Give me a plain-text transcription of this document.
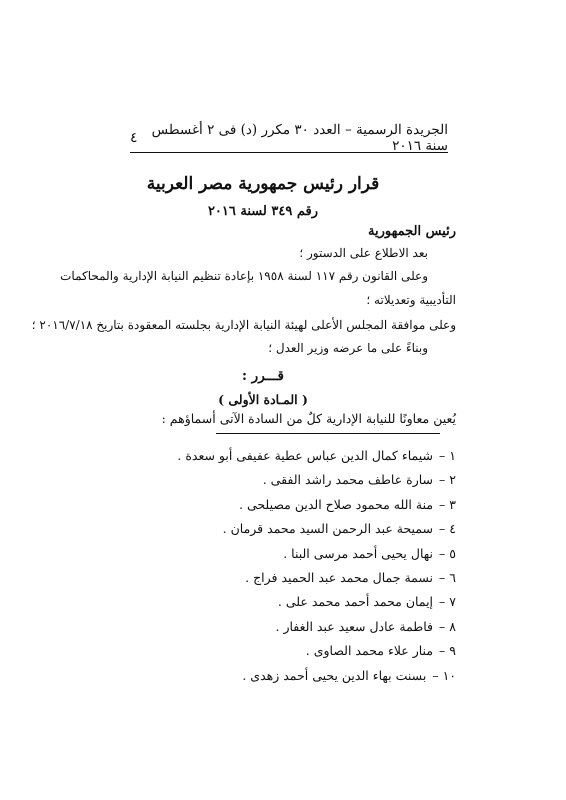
٤	الجريدة الرسمية – العدد ٣٠ مكرر (د) فى ٢ أغسطس سنة ٢٠١٦
قرار رئيس جمهورية مصر العربية
رقم ٣٤٩ لسنة ٢٠١٦
رئيس الجمهورية
بعد الاطلاع على الدستور ؛
وعلى القانون رقم ١١٧ لسنة ١٩٥٨ بإعادة تنظيم النيابة الإدارية والمحاكمات
التأديبية وتعديلاته ؛
وعلى موافقة المجلس الأعلى لهيئة النيابة الإدارية بجلسته المعقودة بتاريخ ٢٠١٦/٧/١٨ ؛
وبناءً على ما عرضه وزير العدل ؛
قـــرر :
( المـادة الأولى )
يُعين معاونًا للنيابة الإدارية كلٌ من السادة الآتى أسماؤهم :
١
–
شيماء كمال الدين عباس عطية عفيفى أبو سعدة .
٢
–
سارة عاطف محمد راشد الفقى .
٣
–
منة الله محمود صلاح الدين مصيلحى .
٤
–
سميحة عبد الرحمن السيد محمد قرمان .
٥
–
نهال يحيى أحمد مرسى البنا .
٦
–
نسمة جمال محمد عبد الحميد فراج .
٧
–
إيمان محمد أحمد محمد على .
٨
–
فاطمة عادل سعيد عبد الغفار .
٩
–
منار علاء محمد الصاوى .
١٠
–
بسنت بهاء الدين يحيى أحمد زهدى .
